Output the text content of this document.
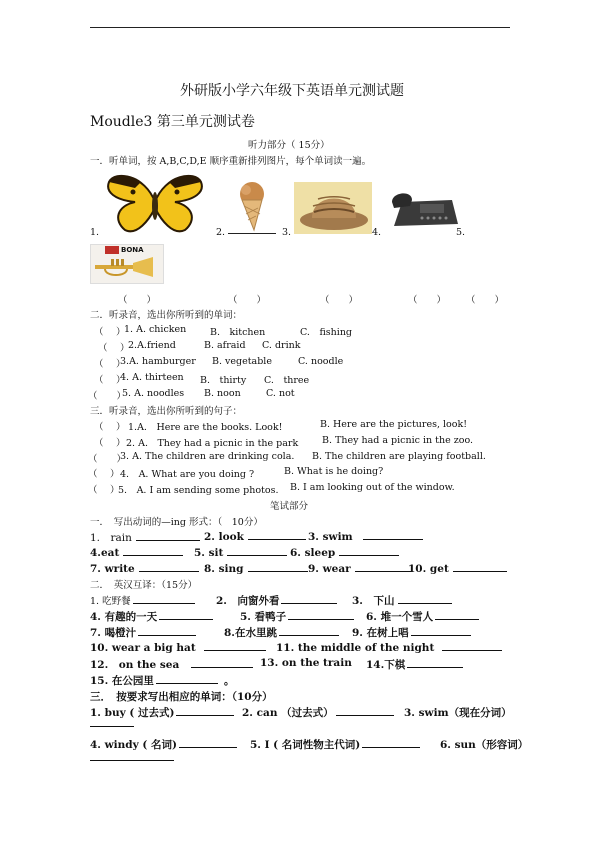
外研版小学六年级下英语单元测试题
Moudle3 第三单元测试卷
听力部分（ 15分）
一．听单词，按 A,B,C,D,E 顺序重新排列图片，每个单词读一遍。
1.	2.	3.	4.	5.
BONA
（　　）	（　　）	（　　）	（　　） （　　）
二．听录音，选出你所听到的单词：
（　 ）
1. A. chicken B.　kitchen	C.　fishing
（　 ）
2.A.friend	B. afraid C. drink
（　 ）
3.A. hamburger B. vegetable	C. noodle
（　 ）
4. A. thirteen B.　thirty C.　three
（　　）
5. A. noodles B. noon	C. not
三．听录音，选出你所听到的句子：
（　 ） 1.A.　Here are the books. Look!	B. Here are the pictures, look!
（　 ） 2. A.　They had a picnic in the park	B. They had a picnic in the zoo.
（　　）
3. A. The children are drinking cola. B. The children are playing football.
（　 ） 4.　A. What are you doing ?	B. What is he doing?
（　 ）
5.　A. I am sending some photos. B. I am looking out of the window.
笔试部分
一．　写出动词的—ing 形式：（　10分）
1.　rain	2. look	3. swim
4.eat	5. sit	6. sleep
7. write	8. sing	9. wear	10. get
二．　英汉互译：（15分）
1. 吃野餐	2.　向窗外看	3.　下山
4. 有趣的一天	5. 看鸭子	6. 堆一个雪人
7. 喝橙汁	8.在水里跳	9. 在树上唱
10. wear a big hat	11. the middle of the night
12.　on the sea	13. on the train 14.下棋
15. 在公园里	。
三．　按要求写出相应的单词：（10分）
1. buy ( 过去式)	2. can （过去式）	3. swim（现在分词）
4. windy ( 名词)	5. I ( 名词性物主代词)	6. sun（形容词）
